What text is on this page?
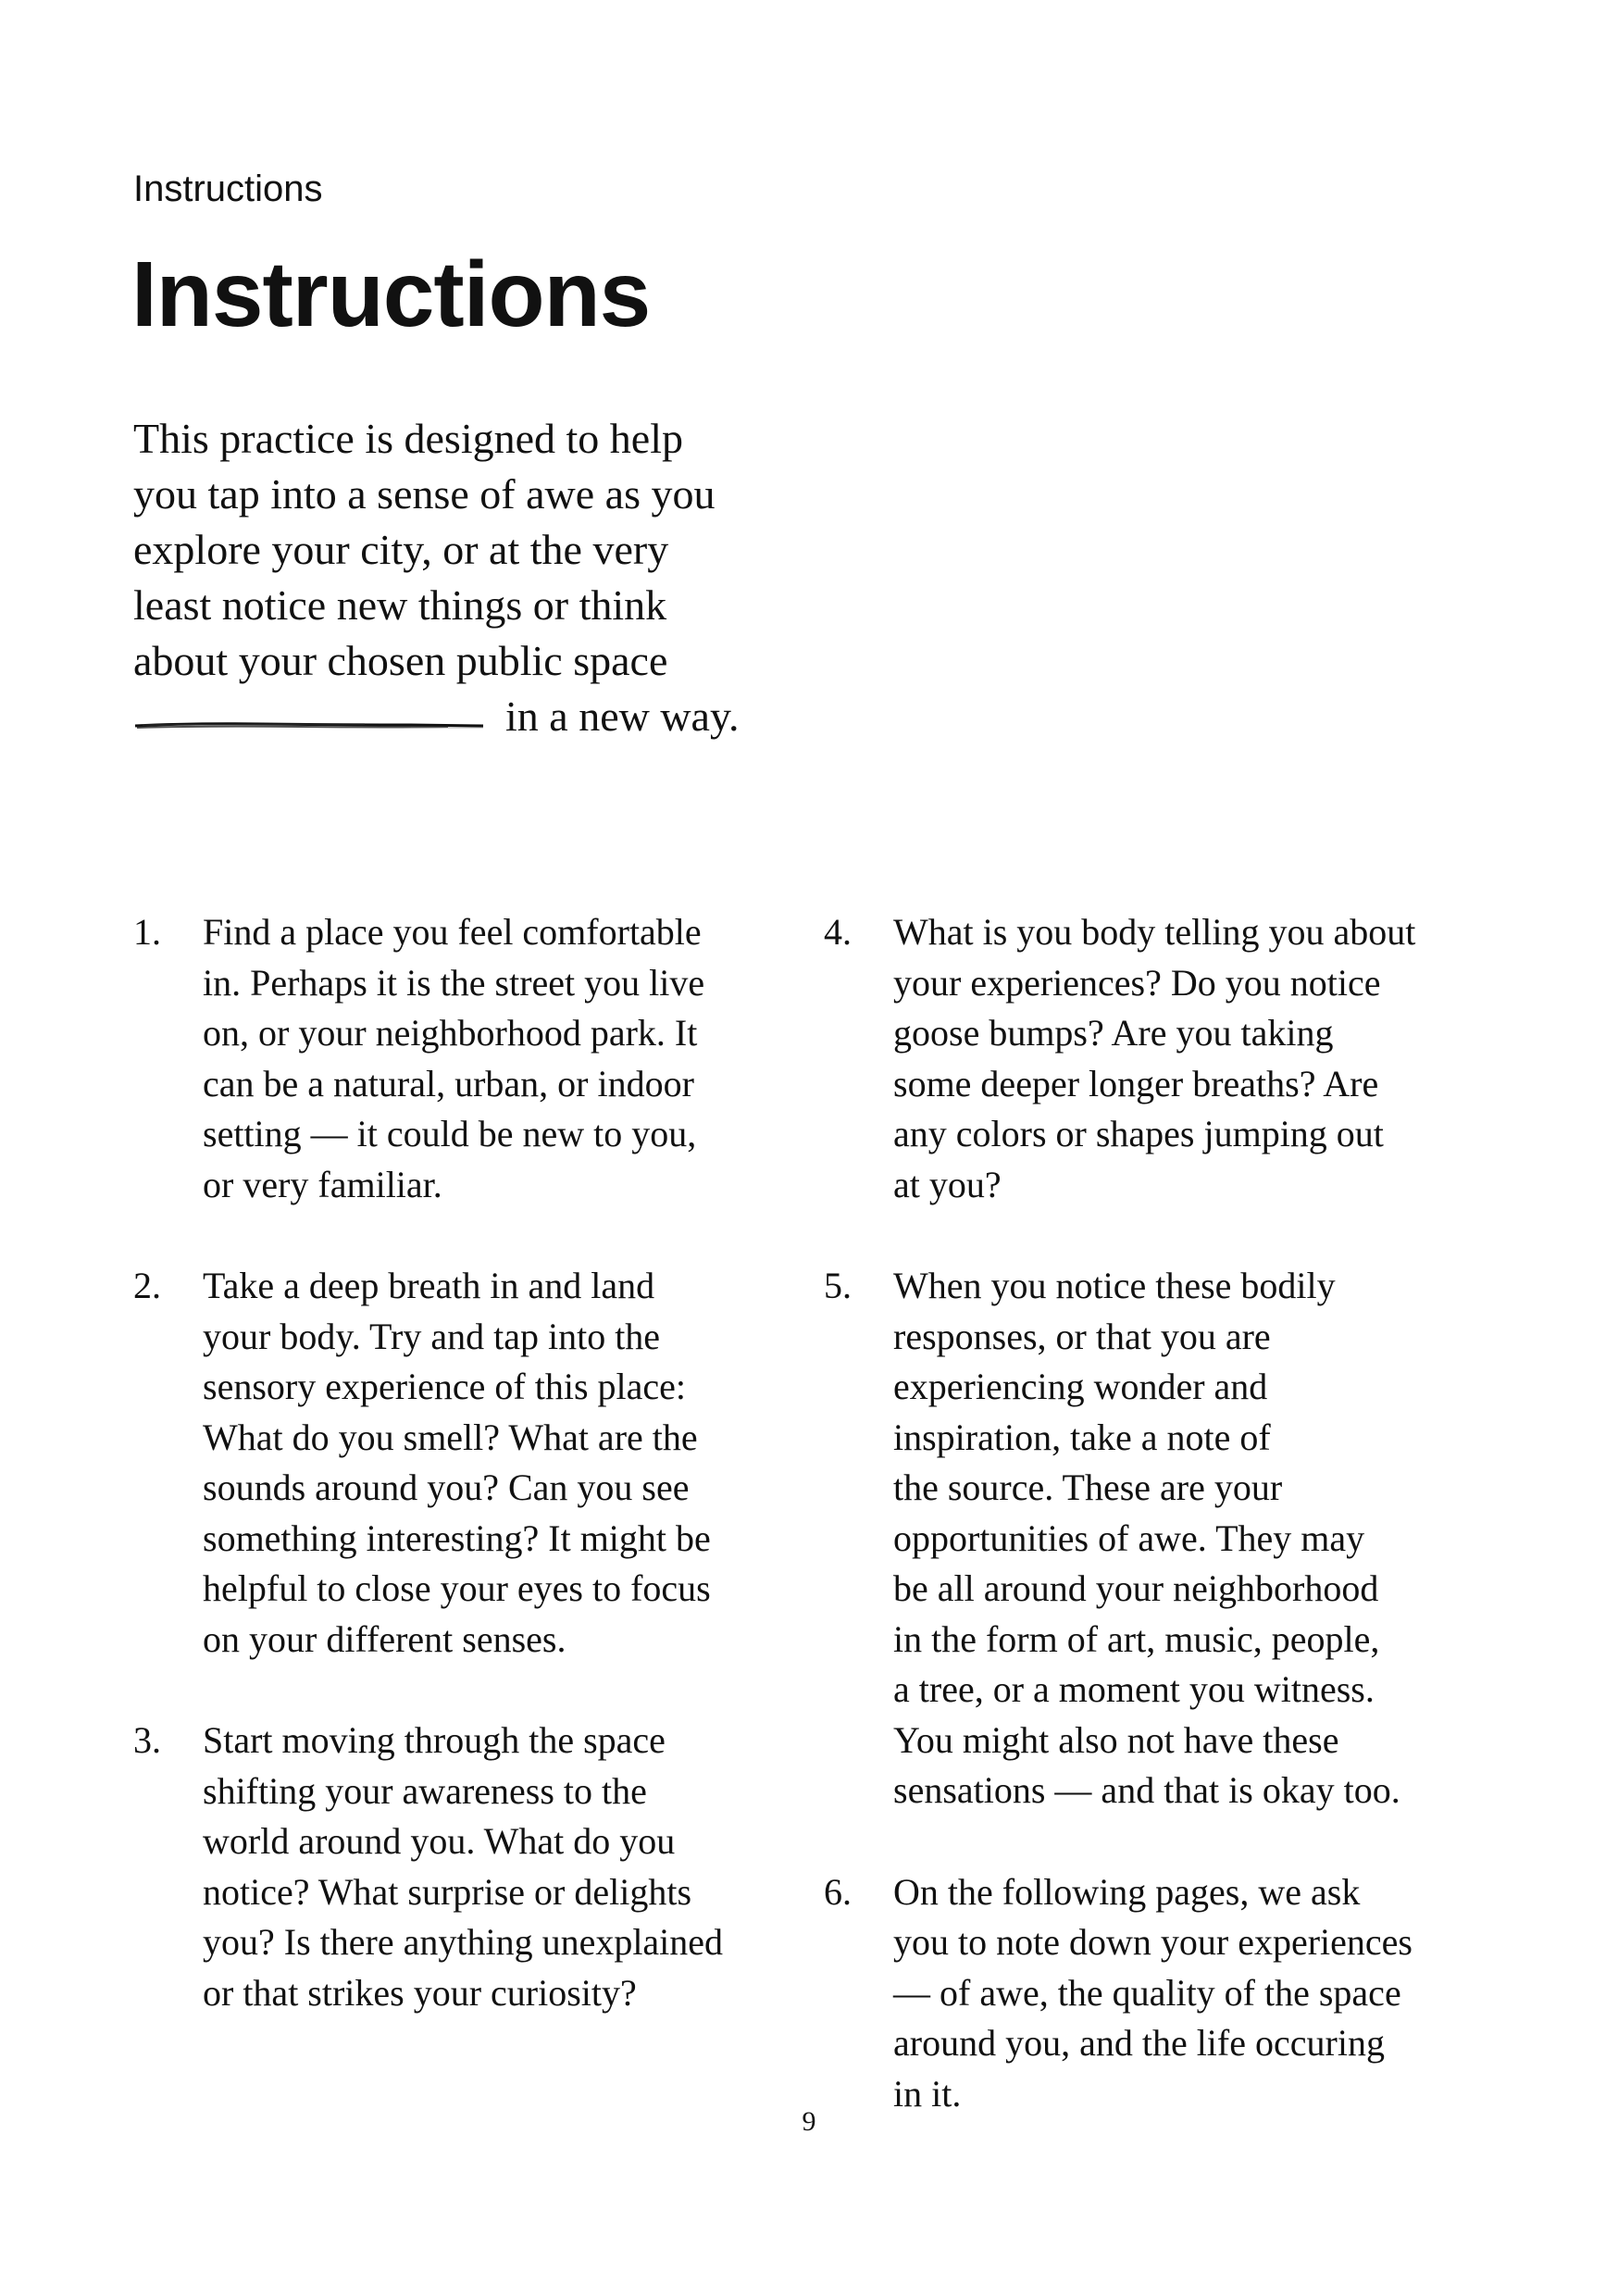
Instructions
Instructions
This practice is designed to help
you tap into a sense of awe as you
explore your city, or at the very
least notice new things or think
about your chosen public space
in a new way.
1. Find a place you feel comfortable
in. Perhaps it is the street you live
on, or your neighborhood park. It
can be a natural, urban, or indoor
setting — it could be new to you,
or very familiar.
2. Take a deep breath in and land
your body. Try and tap into the
sensory experience of this place:
What do you smell? What are the
sounds around you? Can you see
something interesting? It might be
helpful to close your eyes to focus
on your different senses.
3. Start moving through the space
shifting your awareness to the
world around you. What do you
notice? What surprise or delights
you? Is there anything unexplained
or that strikes your curiosity?
4. What is you body telling you about
your experiences? Do you notice
goose bumps? Are you taking
some deeper longer breaths? Are
any colors or shapes jumping out
at you?
5. When you notice these bodily
responses, or that you are
experiencing wonder and
inspiration, take a note of
the source. These are your
opportunities of awe. They may
be all around your neighborhood
in the form of art, music, people,
a tree, or a moment you witness.
You might also not have these
sensations — and that is okay too.
6. On the following pages, we ask
you to note down your experiences
— of awe, the quality of the space
around you, and the life occuring
in it.
9
